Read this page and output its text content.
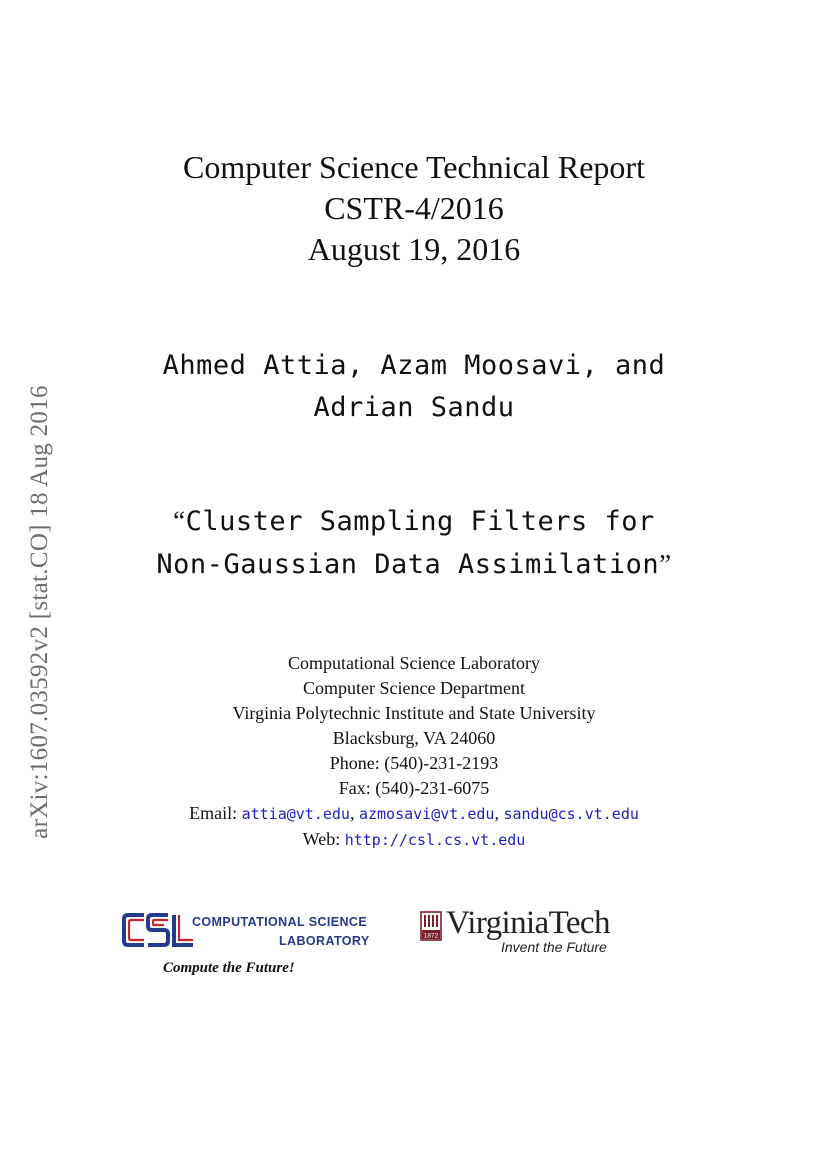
arXiv:1607.03592v2 [stat.CO] 18 Aug 2016
Computer Science Technical Report
CSTR-4/2016
August 19, 2016
Ahmed Attia, Azam Moosavi, and
Adrian Sandu
“Cluster Sampling Filters for
Non-Gaussian Data Assimilation”
Computational Science Laboratory
Computer Science Department
Virginia Polytechnic Institute and State University
Blacksburg, VA 24060
Phone: (540)-231-2193
Fax: (540)-231-6075
Email: attia@vt.edu, azmosavi@vt.edu, sandu@cs.vt.edu
Web: http://csl.cs.vt.edu
COMPUTATIONAL SCIENCE
LABORATORY
Compute the Future!
1872 VirginiaTech
Invent the Future
